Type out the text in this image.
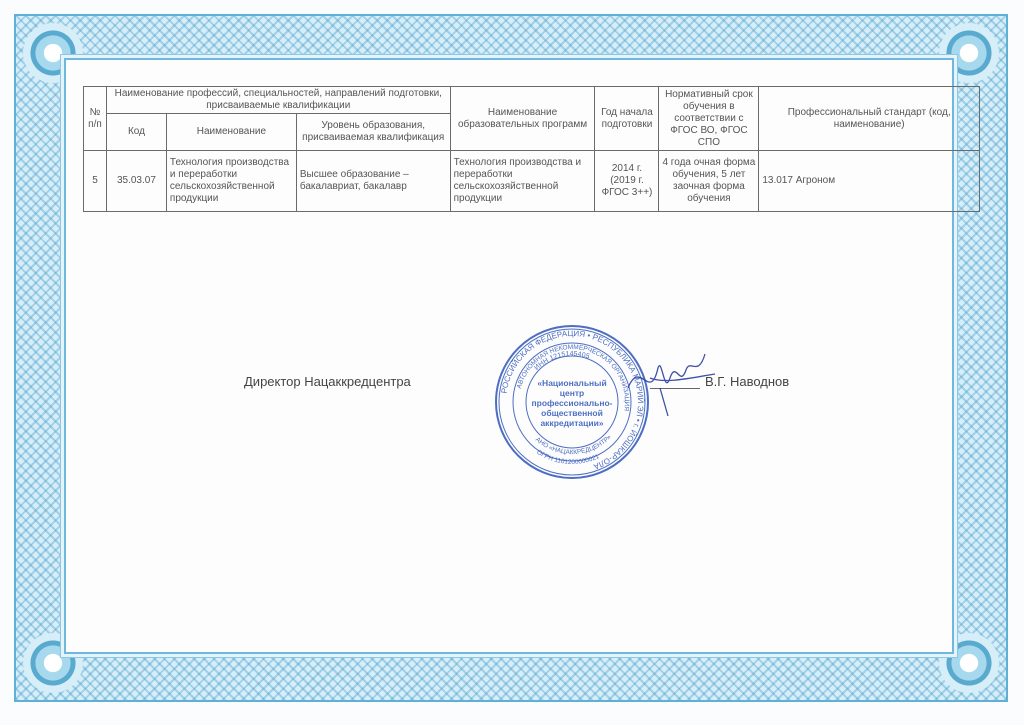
№ п/п	Наименование профессий, специальностей, направлений подготовки, присваиваемые квалификации			Наименование образовательных программ	Год начала подготовки	Нормативный срок обучения в соответствии с ФГОС ВО, ФГОС СПО	Профессиональный стандарт (код, наименование)
	Код	Наименование	Уровень образования, присваиваемая квалификация				
5	35.03.07	Технология производства и переработки сельскохозяйственной продукции	Высшее образование – бакалавриат, бакалавр	Технология производства и переработки сельскохозяйственной продукции	2014 г. (2019 г. ФГОС 3++)	4 года очная форма обучения, 5 лет заочная форма обучения	13.017 Агроном
Директор Нацаккредцентра	В.Г. Наводнов
РОССИЙСКАЯ ФЕДЕРАЦИЯ • РЕСПУБЛИКА МАРИЙ ЭЛ • г. ЙОШКАР-ОЛА
АВТОНОМНАЯ НЕКОММЕРЧЕСКАЯ ОРГАНИЗАЦИЯ
ИНН 1215145405
АНО «НАЦАККРЕДЦЕНТР»
ОГРН 1101200000021
«Национальный
центр
профессионально-
общественной
аккредитации»
